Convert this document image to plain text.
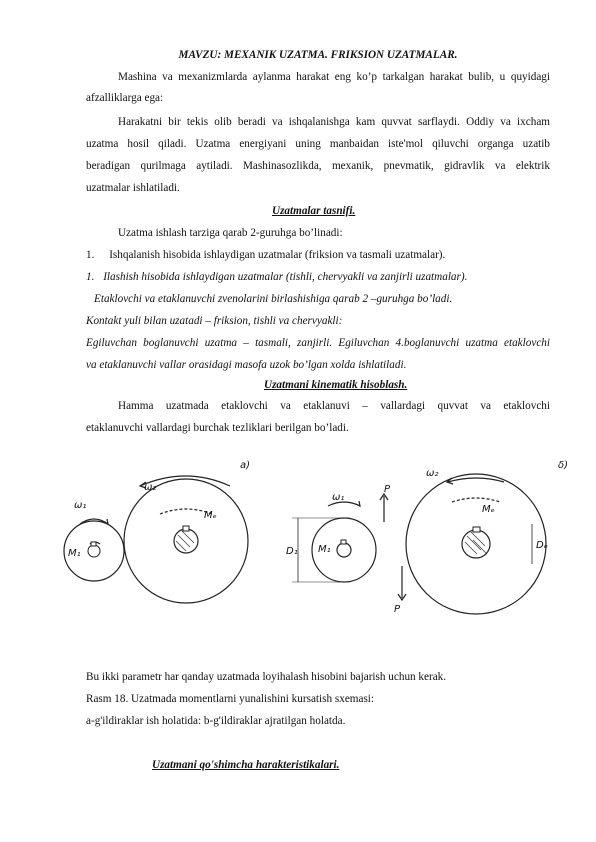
MAVZU: MEXANIK UZATMA. FRIKSION UZATMALAR.
Mashina va mexanizmlarda aylanma harakat eng ko’p tarkalgan harakat bulib, u quyidagi
afzalliklarga ega:
Harakatni bir tekis olib beradi va ishqalanishga kam quvvat sarflaydi. Oddiy va ixcham
uzatma hosil qiladi. Uzatma energiyani uning manbaidan iste'mol qiluvchi organga uzatib
beradigan qurilmaga aytiladi. Mashinasozlikda, mexanik, pnevmatik, gidravlik va elektrik
uzatmalar ishlatiladi.
Uzatmalar tasnifi.
Uzatma ishlash tarziga qarab 2-guruhga bo’linadi:
1. Ishqalanish hisobida ishlaydigan uzatmalar (friksion va tasmali uzatmalar).
1. Ilashish hisobida ishlaydigan uzatmalar (tishli, chervyakli va zanjirli uzatmalar).
Etaklovchi va etaklanuvchi zvenolarini birlashishiga qarab 2 –guruhga bo’ladi.
Kontakt yuli bilan uzatadi – friksion, tishli va chervyakli:
Egiluvchan boglanuvchi uzatma – tasmali, zanjirli. Egiluvchan 4.boglanuvchi uzatma etaklovchi
va etaklanuvchi vallar orasidagi masofa uzok bo’lgan xolda ishlatiladi.
Uzatmani kinematik hisoblash.
Hamma uzatmada etaklovchi va etaklanuvi – vallardagi quvvat va etaklovchi
etaklanuvchi vallardagi burchak tezliklari berilgan bo’ladi.
a)	δ)
ω₁
ω₂
ω₁
ω₂
M₁
Mₑ
M₁
Mₑ
P
P
D₁
Dₑ
Bu ikki parametr har qanday uzatmada loyihalash hisobini bajarish uchun kerak.
Rasm 18. Uzatmada momentlarni yunalishini kursatish sxemasi:
a-g'ildiraklar ish holatida: b-g'ildiraklar ajratilgan holatda.
Uzatmani qo'shimcha harakteristikalari.
